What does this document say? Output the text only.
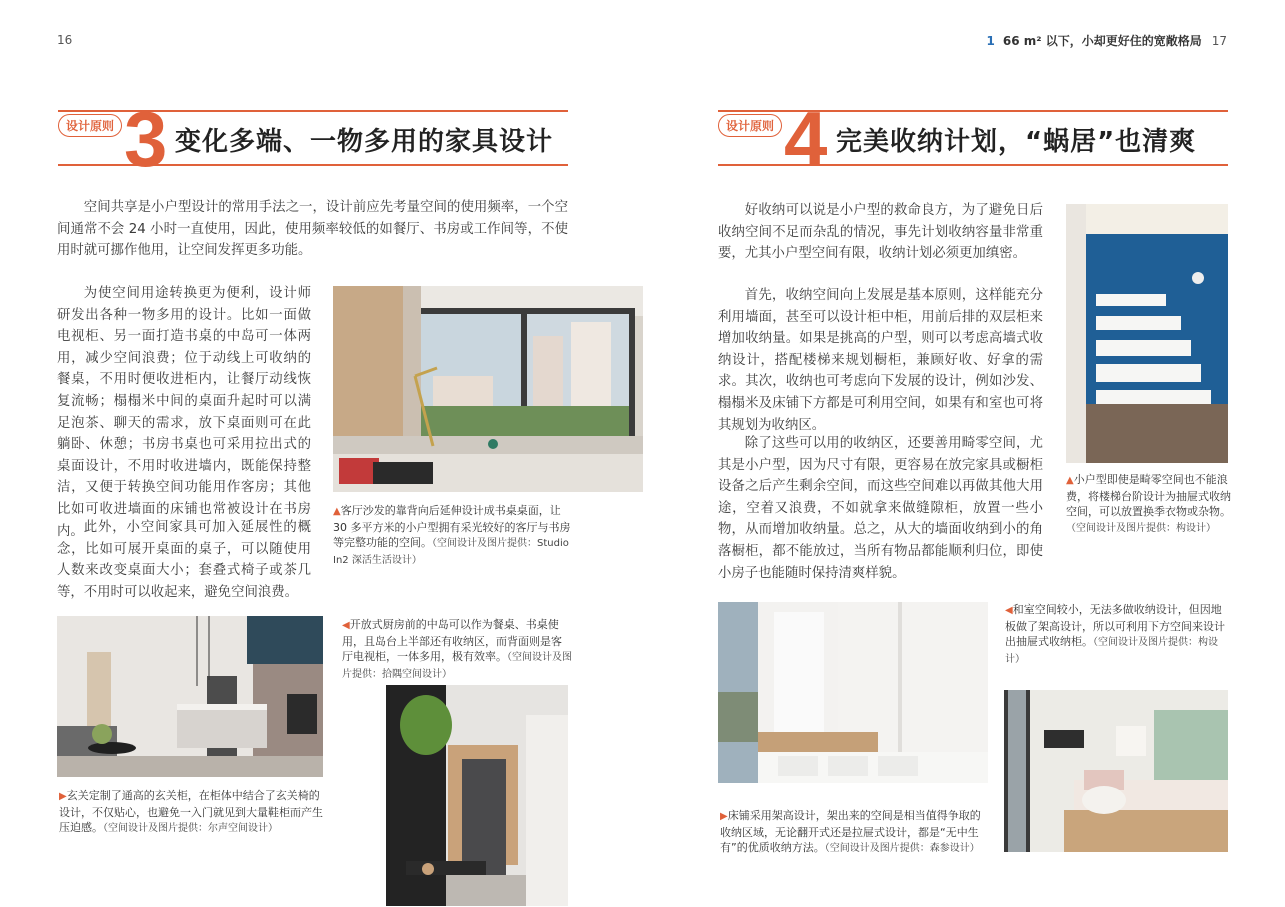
16
设计原则 3 变化多端、一物多用的家具设计
空间共享是小户型设计的常用手法之一，设计前应先考量空间的使用频率，一个空间通常不会 24 小时一直使用，因此，使用频率较低的如餐厅、书房或工作间等，不使用时就可挪作他用，让空间发挥更多功能。
为使空间用途转换更为便利，设计师研发出各种一物多用的设计。比如一面做电视柜、另一面打造书桌的中岛可一体两用，减少空间浪费；位于动线上可收纳的餐桌，不用时便收进柜内，让餐厅动线恢复流畅；榻榻米中间的桌面升起时可以满足泡茶、聊天的需求，放下桌面则可在此躺卧、休憩；书房书桌也可采用拉出式的桌面设计，不用时收进墙内，既能保持整洁，又便于转换空间功能用作客房；其他比如可收进墙面的床铺也常被设计在书房内。 此外，小空间家具可加入延展性的概念，比如可展开桌面的桌子，可以随使用人数来改变桌面大小；套叠式椅子或茶几等，不用时可以收起来，避免空间浪费。
▲客厅沙发的靠背向后延伸设计成书桌桌面，让 30 多平方米的小户型拥有采光较好的客厅与书房等完整功能的空间。（空间设计及图片提供：Studio In2 深活生活设计）
◀开放式厨房前的中岛可以作为餐桌、书桌使用，且岛台上半部还有收纳区，而背面则是客厅电视柜，一体多用，极有效率。（空间设计及图片提供：拾隅空间设计）
▶玄关定制了通高的玄关柜，在柜体中结合了玄关椅的设计，不仅贴心，也避免一入门就见到大量鞋柜而产生压迫感。（空间设计及图片提供：尔声空间设计）
1 66 m² 以下，小却更好住的宽敞格局 17
设计原则 4 完美收纳计划，“蜗居”也清爽
好收纳可以说是小户型的救命良方，为了避免日后收纳空间不足而杂乱的情况，事先计划收纳容量非常重要，尤其小户型空间有限，收纳计划必须更加缜密。
首先，收纳空间向上发展是基本原则，这样能充分利用墙面，甚至可以设计柜中柜，用前后排的双层柜来增加收纳量。如果是挑高的户型，则可以考虑高墙式收纳设计，搭配楼梯来规划橱柜，兼顾好收、好拿的需求。其次，收纳也可考虑向下发展的设计，例如沙发、榻榻米及床铺下方都是可利用空间，如果有和室也可将其规划为收纳区。
除了这些可以用的收纳区，还要善用畸零空间，尤其是小户型，因为尺寸有限，更容易在放完家具或橱柜设备之后产生剩余空间，而这些空间难以再做其他大用途，空着又浪费，不如就拿来做缝隙柜，放置一些小物，从而增加收纳量。总之，从大的墙面收纳到小的角落橱柜，都不能放过，当所有物品都能顺利归位，即使小房子也能随时保持清爽样貌。
▲小户型即使是畸零空间也不能浪费，将楼梯台阶设计为抽屉式收纳空间，可以放置换季衣物或杂物。（空间设计及图片提供：构设计）
◀和室空间较小，无法多做收纳设计，但因地板做了架高设计，所以可利用下方空间来设计出抽屉式收纳柜。（空间设计及图片提供：构设计）
▶床铺采用架高设计，架出来的空间是相当值得争取的收纳区域，无论翻开式还是拉屉式设计，都是“无中生有”的优质收纳方法。（空间设计及图片提供：森参设计）
